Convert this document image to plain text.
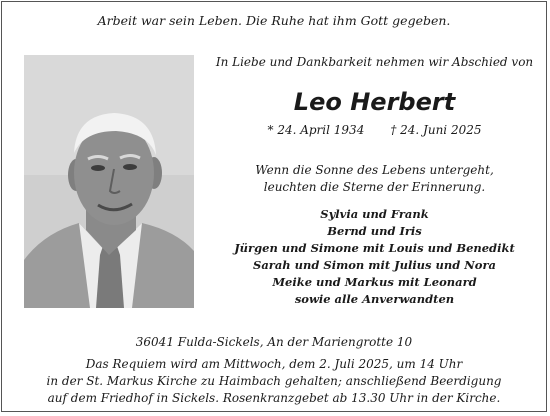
Arbeit war sein Leben. Die Ruhe hat ihm Gott gegeben.
In Liebe und Dankbarkeit nehmen wir Abschied von
Leo Herbert
* 24. April 1934 † 24. Juni 2025
Wenn die Sonne des Lebens untergeht,
leuchten die Sterne der Erinnerung.
Sylvia und Frank
Bernd und Iris
Jürgen und Simone mit Louis und Benedikt
Sarah und Simon mit Julius und Nora
Meike und Markus mit Leonard
sowie alle Anverwandten
36041 Fulda-Sickels, An der Mariengrotte 10
Das Requiem wird am Mittwoch, dem 2. Juli 2025, um 14 Uhr
in der St. Markus Kirche zu Haimbach gehalten; anschließend Beerdigung
auf dem Friedhof in Sickels. Rosenkranzgebet ab 13.30 Uhr in der Kirche.
